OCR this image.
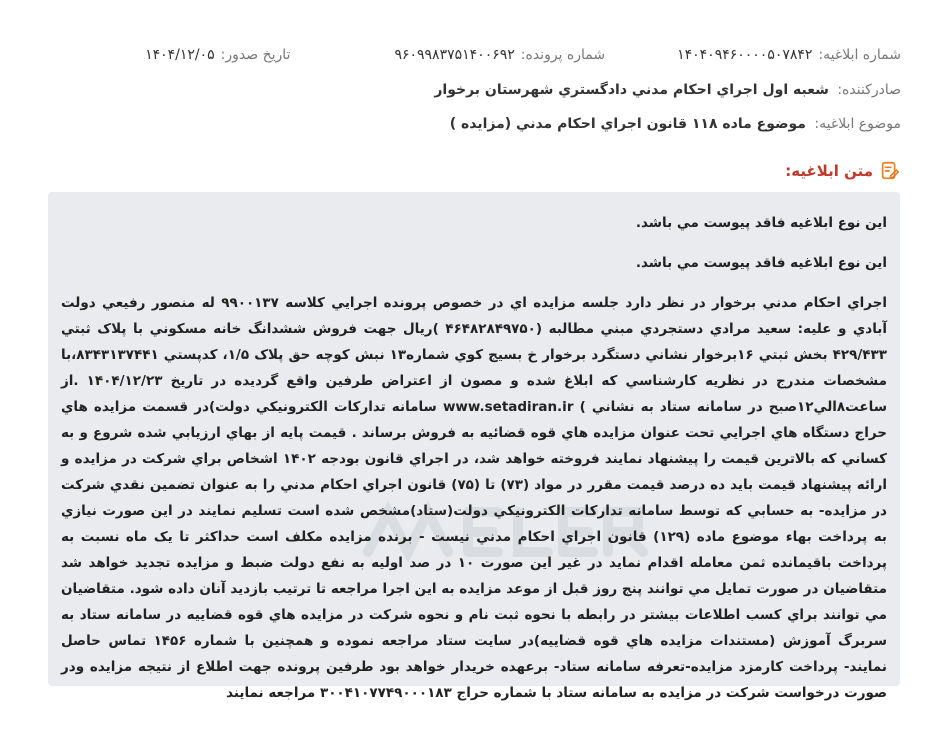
شماره ابلاغيه:
۱۴۰۴۰۹۴۶۰۰۰۰۵۰۷۸۴۲
شماره پرونده:
۹۶۰۹۹۸۳۷۵۱۴۰۰۶۹۲
تاريخ صدور:
۱۴۰۴/۱۲/۰۵
صادرکننده: شعبه اول اجراي احکام مدني دادگستري شهرستان برخوار
موضوع ابلاغيه: موضوع ماده ۱۱۸ قانون اجراي احکام مدني (مزايده )
متن ابلاغيه:

اين نوع ابلاغيه فاقد پيوست مي باشد.

اين نوع ابلاغيه فاقد پيوست مي باشد.

اجراي احکام مدني برخوار در نظر دارد جلسه مزايده اي در خصوص پرونده اجرايي کلاسه ۹۹۰۰۱۳۷ له منصور رفيعي دولت آبادي و عليه: سعيد مرادي دستجردي مبني مطالبه (۴۶۴۸۲۸۴۹۷۵۰ )ريال جهت فروش ششدانگ خانه مسکوني با پلاک ثبتي ۴۲۹/۴۳۳ بخش ثبتي ۱۶برخوار نشاني دستگرد برخوار خ بسيج کوي شماره۱۳ نبش کوچه حق پلاک ۱/۵، کدپستي ۸۳۴۳۱۳۷۴۴۱،با مشخصات مندرج در نظريه کارشناسي که ابلاغ شده و مصون از اعتراض طرفين واقع گرديده در تاريخ ۱۴۰۴/۱۲/۲۳ .از ساعت۸الي۱۲صبح در سامانه ستاد به نشاني ) www.setadiran.ir سامانه تدارکات الکترونيکي دولت)در قسمت مزايده هاي حراج دستگاه هاي اجرايي تحت عنوان مزايده هاي قوه قضائيه به فروش برساند . قيمت پايه از بهاي ارزيابي شده شروع و به کساني که بالاترين قيمت را پيشنهاد نمايند فروخته خواهد شد، در اجراي قانون بودجه ۱۴۰۲ اشخاص براي شرکت در مزايده و ارائه پيشنهاد قيمت بايد ده درصد قيمت مقرر در مواد (۷۳) تا (۷۵) قانون اجراي احکام مدني را به عنوان تضمين نقدي شرکت در مزايده- به حسابي که توسط سامانه تدارکات الکترونيکي دولت(ستاد)مشخص شده است تسليم نمايند در اين صورت نيازي به پرداخت بهاء موضوع ماده (۱۲۹) قانون اجراي احکام مدني نيست - برنده مزايده مکلف است حداکثر تا يک ماه نسبت به پرداخت باقيمانده ثمن معامله اقدام نمايد در غير اين صورت ۱۰ در صد اوليه به نفع دولت ضبط و مزايده تجديد خواهد شد متقاضيان در صورت تمايل مي توانند پنج روز قبل از موعد مزايده به اين اجرا مراجعه تا ترتيب بازديد آنان داده شود. متقاضيان مي توانند براي کسب اطلاعات بيشتر در رابطه با نحوه ثبت نام و نحوه شرکت در مزايده هاي قوه قضاييه در سامانه ستاد به سربرگ آموزش (مستندات مزايده هاي قوه قضاييه)در سايت ستاد مراجعه نموده و همچنين با شماره ۱۴۵۶ تماس حاصل نمايند- پرداخت کارمزد مزايده-تعرفه سامانه ستاد- برعهده خريدار خواهد بود طرفين پرونده جهت اطلاع از نتيجه مزايده ودر صورت درخواست شرکت در مزايده به سامانه ستاد با شماره حراج ۳۰۰۴۱۰۷۷۴۹۰۰۰۱۸۳ مراجعه نمايند
